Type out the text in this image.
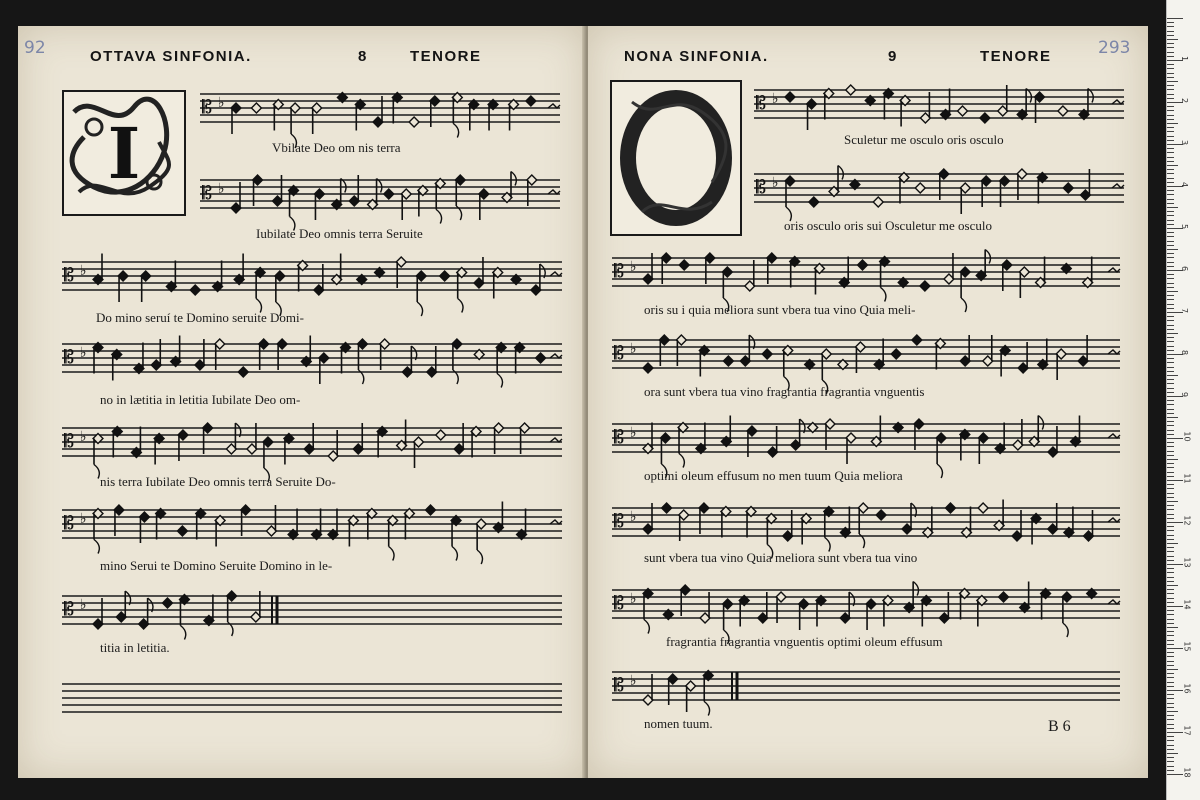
92	OTTAVA SINFONIA.	8	TENORE
I
𝄡 ♭
𝄡 ♭
𝄡 ♭
𝄡 ♭
𝄡 ♭
𝄡 ♭
𝄡 ♭
Vbilate Deo om nis terra
Iubilate Deo omnis terra Seruite
Do mino seruí te Domino seruite Domi-
no in lætitia in letitia Iubilate Deo om-
nis terra Iubilate Deo omnis terra Seruite Do-
mino Serui te Domino Seruite Domino in le-
titia in letitia.
293
NONA SINFONIA.	9	TENORE
𝄡 ♭
𝄡 ♭
𝄡 ♭
𝄡 ♭
𝄡 ♭
𝄡 ♭
𝄡 ♭
𝄡 ♭
Sculetur me osculo oris osculo
oris osculo oris sui Osculetur me osculo
oris su i quia meliora sunt vbera tua vino Quia meli-
ora sunt vbera tua vino fragrantia fragrantia vnguentis
optimi oleum effusum no men tuum Quia meliora
sunt vbera tua vino Quia meliora sunt vbera tua vino
fragrantia fragrantia vnguentis optimi oleum effusum
nomen tuum.	B 6
1
2
3
4
5
6
7
8
9
10
11
12
13
14
15
16
17
18
